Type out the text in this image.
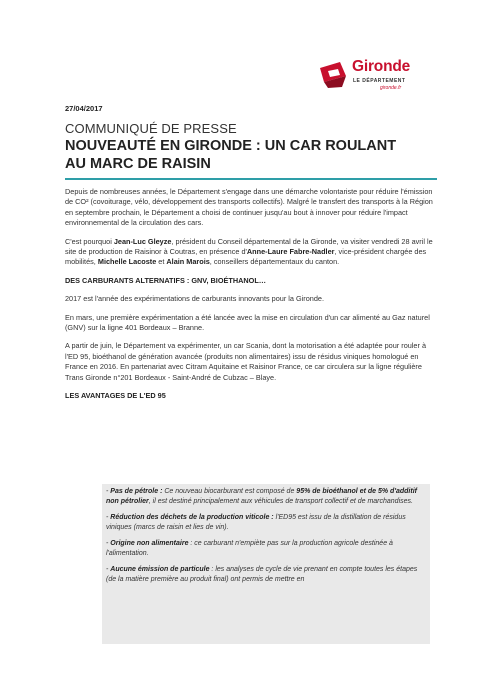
Gironde
LE DÉPARTEMENT
gironde.fr
27/04/2017
COMMUNIQUÉ DE PRESSE
NOUVEAUTÉ EN GIRONDE : UN CAR ROULANT
AU MARC DE RAISIN

Depuis de nombreuses années, le Département s'engage dans une démarche volontariste pour réduire l'émission de CO² (covoiturage, vélo, développement des transports collectifs). Malgré le transfert des transports à la Région en septembre prochain, le Département a choisi de continuer jusqu'au bout à innover pour réduire l'impact environnemental de la circulation des cars.

C'est pourquoi Jean-Luc Gleyze, président du Conseil départemental de la Gironde, va visiter vendredi 28 avril le site de production de Raisinor à Coutras, en présence d'Anne-Laure Fabre-Nadler, vice-président chargée des mobilités, Michelle Lacoste et Alain Marois, conseillers départementaux du canton.

DES CARBURANTS ALTERNATIFS : GNV, BIOÉTHANOL…

2017 est l'année des expérimentations de carburants innovants pour la Gironde.

En mars, une première expérimentation a été lancée avec la mise en circulation d'un car alimenté au Gaz naturel (GNV) sur la ligne 401 Bordeaux – Branne.

A partir de juin, le Département va expérimenter, un car Scania, dont la motorisation a été adaptée pour rouler à l'ED 95, bioéthanol de génération avancée (produits non alimentaires) issu de résidus viniques homologué en France en 2016. En partenariat avec Citram Aquitaine et Raisinor France, ce car circulera sur la ligne régulière Trans Gironde n°201 Bordeaux - Saint-André de Cubzac – Blaye.

LES AVANTAGES DE L'ED 95
- Pas de pétrole : Ce nouveau biocarburant est composé de 95% de bioéthanol et de 5% d'additif non pétrolier, il est destiné principalement aux véhicules de transport collectif et de marchandises.
- Réduction des déchets de la production viticole : l'ED95 est issu de la distillation de résidus viniques (marcs de raisin et lies de vin).
- Origine non alimentaire : ce carburant n'empiète pas sur la production agricole destinée à l'alimentation.
- Aucune émission de particule : les analyses de cycle de vie prenant en compte toutes les étapes (de la matière première au produit final) ont permis de mettre en
